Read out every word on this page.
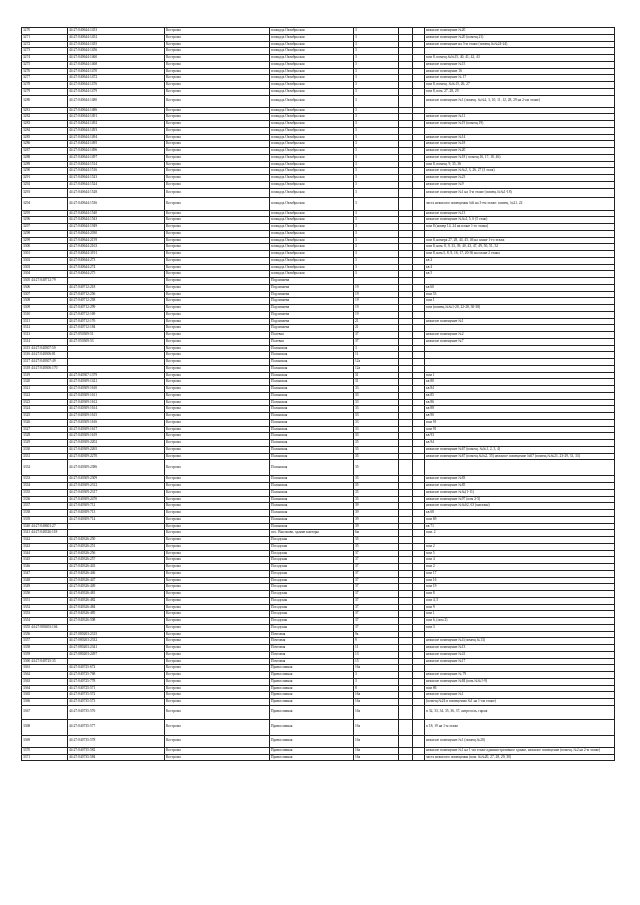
3270	44:27:040644:1453	Кострома	площадь Октябрьская	3			нежилое помещение №20
3271	44:27:040644:1452	Кострома	площадь Октябрьская	3			нежилое помещение №20 (помещ.21)
3272	44:27:040644:1455	Кострома	площадь Октябрьская	3			нежилое помещение на 3-м этаже (помещ.№№24-24)
3273	44:27:040644:1456	Кострома	площадь Октябрьская	3			
3274	44:27:040644:1460	Кострома	площадь Октябрьская	3			пом 8, помещ.№№15, 40, 41, 42, 43
3275	44:27:040644:1468	Кострома	площадь Октябрьская	3			нежилое помещение №15
3276	44:27:040644:1470	Кострома	площадь Октябрьская	3			нежилое помещение 16
3277	44:27:040644:1472	Кострома	площадь Октябрьская	3			нежилое помещение № 17
3278	44:27:040644:1476	Кострома	площадь Октябрьская	3			пом 8, помещ. №№15, 26, 27
3279	44:27:040644:1479	Кострома	площадь Октябрьская	3			пом 8, пом. 27, 28, 29
3280	44:27:040644:1480	Кострома	площадь Октябрьская	3			нежилое помещение №1 (помещ. №№2, 3, 10, 11, 12, 28, 29 на 2-ом этаже)
3281	44:27:040644:1486	Кострома	площадь Октябрьская	3			
3282	44:27:040644:1491	Кострома	площадь Октябрьская	3			нежилое помещение №11
3283	44:27:040644:1492	Кострома	площадь Октябрьская	3			нежилое помещение №19 (помещ.19)
3284	44:27:040644:1493	Кострома	площадь Октябрьская	3			
3285	44:27:040644:1494	Кострома	площадь Октябрьская	3			нежилое помещение №14
3286	44:27:040644:1495	Кострома	площадь Октябрьская	3			нежилое помещение №18
3287	44:27:040644:1496	Кострома	площадь Октябрьская	3			нежилое помещение №20
3288	44:27:040644:1497	Кострома	площадь Октябрьская	3			нежилое помещение №18 ( помещ.16, 17, 18, 46)
3289	44:27:040644:1514	Кострома	площадь Октябрьская	3			пом 8, помещ. 9, 35, 36
3290	44:27:040644:1516	Кострома	площадь Октябрьская	3			нежилое помещение №№2, 3, 26, 27 (3 этаж)
3291	44:27:040644:1523	Кострома	площадь Октябрьская	3			нежилое помещение №23
3292	44:27:040644:1524	Кострома	площадь Октябрьская	3			нежилое помещение №9
3293	44:27:040644:1528	Кострома	площадь Октябрьская	3			нежилое помещение №1 на 3-м этаже (помещ.№№1-18)
3294	44:27:040644:1536	Кострома	площадь Октябрьская	3			часть нежилого помещения №6 на 3-ем этаже: помещ. №21, 22
3295	44:27:040644:1540	Кострома	площадь Октябрьская	3			нежилое помещение №13
3296	44:27:040644:1543	Кострома	площадь Октябрьская	3			нежилое помещение №№4, 5, 6 (5 этаж)
3297	44:27:040644:1949	Кострома	площадь Октябрьская	3			пом 8 (номер 14, 24 на плане 1-го этажа)
3298	44:27:040644:2030	Кострома	площадь Октябрьская	3			
3299	44:27:040644:2159	Кострома	площадь Октябрьская	3			пом 8, номера 27, 28, 44, 45, 46 на плане 1-го этажа
3300	44:27:040644:2163	Кострома	площадь Октябрьская	3			пом 8, ном. 8, 9, 33, 39, 40, 43, 47, 49, 50, 51, 52
3301	44:27:040644:3191	Кострома	площадь Октябрьская	3			пом 8, ном.5, 8, 9, 16, 17, 20-36 на плане 2 этажа
3302	44:27:040644:273	Кострома	площадь Октябрьская	3			кв 2
3303	44:27:040644:274	Кострома	площадь Октябрьская	3			кв 4
3304	44:27:040644:275	Кострома	площадь Октябрьская	3			кв 5
3305 44:27:040712:79		Кострома	Подлипаева				
3306	44:27:040712:218	Кострома	Подлипаева	19			кв 60
3307	44:27:040712:256	Кострома	Подлипаева	19			пом 53
3308	44:27:040712:258	Кострома	Подлипаева	19			пом 1
3309	44:27:040712:299	Кострома	Подлипаева	19			пом (помещ.№№1-20, 22-28, 30-38)
3310	44:27:040712:169	Кострома	Подлипаева	19			
3311	44:27:040712:176	Кострома	Подлипаева	21			нежилое помещение №1
3312	44:27:040712:184	Кострома	Подлипаева	21			
3313	44:27:050309:51	Кострома	Полевая	37			нежилое помещение №2
3314	44:27:050309:53	Кострома	Полевая	37			нежилое помещение №7
3315 44:27:040307:50		Кострома	Полянская	3			
3316 44:27:040306:81		Кострома	Полянская	11			
3317 44:27:040307:49		Кострома	Полянская	12а			
3318 44:27:040306:170		Кострома	Полянская	12а			
3319	44:27:040307:1379	Кострома	Полянская	31			пом 1
3320	44:27:040309:1421	Кострома	Полянская	31			кв 80
3321	44:27:040309:1610	Кострома	Полянская	33			кв 84
3322	44:27:040309:1611	Кострома	Полянская	33			кв 85
3323	44:27:040309:1612	Кострома	Полянская	33			кв 86
3324	44:27:040309:1614	Кострома	Полянская	33			кв 88
3325	44:27:040309:1615	Кострома	Полянская	33			кв 90
3326	44:27:040309:1616	Кострома	Полянская	33			пом 91
3327	44:27:040309:1617	Кострома	Полянская	33			пом 91
3328	44:27:040309:1619	Кострома	Полянская	33			кв 93
3329	44:27:040309:2202	Кострома	Полянская	35			кв 94
3330	44:27:040309:2265	Кострома	Полянская	35			нежилое помещение №67 (помещ. №№1, 2, 3, 4)
3331	44:27:040309:2270	Кострома	Полянская	35			нежилое помещение №67 (помещ.№№2, 35) нежилое помещение №67 (помещ.№№21, 23-29, 31, 33)
3332	44:27:040309:2386	Кострома	Полянская	35			
3333	44:27:040309:2309	Кострома	Полянская	35			нежилое помещение №83
3334	44:27:040309:2312	Кострома	Полянская	35			нежилое помещение №85
3335	44:27:040309:2317	Кострома	Полянская	35			нежилое помещение №№(1-11)
3336	44:27:040309:2470	Кострома	Полянская	35			нежилое помещение №97 (пом 2-5)
3337	44:27:040309:712	Кострома	Полянская	39			нежилое помещение №№62, 63 (магазин)
3338	44:27:040309:713	Кострома	Полянская	39			кв 68
3339	44:27:040309:714	Кострома	Полянская	39			пом 69
3340 44:27:040601:27		Кострома	Полянская	39			кв 71
3341 44:27:040326:118		Кострома	пос. Высоково, здание конторы	6м			пом. 2
3342	44:27:040326:250	Кострома	Посадская	35			
3343	44:27:040326:251	Кострома	Посадская	35			пом 2
3344	44:27:040326:256	Кострома	Посадская	37			пом 5
3345	44:27:040326:257	Кострома	Посадская	37			пом 4
3346	44:27:040326:443	Кострома	Посадская	37			пом 2
3347	44:27:040326:446	Кострома	Посадская	37			пом 17
3348	44:27:040326:447	Кострома	Посадская	37			пом 16
3349	44:27:040326:449	Кострома	Посадская	37			пом 19
3350	44:27:040326:481	Кострома	Посадская	37			пом 8
3351	44:27:040326:482	Кострома	Посадская	37			пом 4, 5
3352	44:27:040326:484	Кострома	Посадская	37			пом 9
3353	44:27:040326:485	Кострома	Посадская	37			пом 1
3354	44:27:040326:508	Кострома	Посадская	37			пом 6, (пом 2)
3355 44:27:080203:104		Кострома	Посадская	37			пом 3
3356	44:27:080203:2315	Кострома	Почтовая	9а			
3357	44:27:080203:2332	Кострома	Почтовая	9			нежилое помещение №4 (помещ.№13)
3358	44:27:080203:2341	Кострома	Почтовая	11			нежилое помещение №13
3359	44:27:080203:2497	Кострома	Почтовая	13			нежилое помещение №41
3360 44:27:040725:35		Кострома	Почтовая	15			нежилое помещение №17
3361	44:27:040725:672	Кострома	Православная	16а			
3362	44:27:040725:768	Кострома	Православная	3			нежилое помещение № 79
3363	44:27:040725:778	Кострома	Православная	3			нежилое помещение №84 (пом.№№1-9)
3364	44:27:040725:571	Кострома	Православная	8			пом 86
3365	44:27:040735:572	Кострома	Православная	16а			нежилое помещение №1
3366	44:27:040735:573	Кострома	Православная	16а			(помещ.№24 в помещении №1 на 1-ом этаже)
3367	44:27:040735:576	Кострома	Православная	16а			п 32, 33, 34, 35, 36, 37, антресоль, гараж
3368	44:27:040735:577	Кострома	Православная	16а			п 18, 19 на 1-м этаже
3369	44:27:040735:578	Кострома	Православная	16а			нежилое помещение №1 (помещ.№20)
3370	44:27:040735:582	Кострома	Православная	16а			нежилое помещение №1 на 1-ом этаже административное здание, нежилое помещение (помещ. №2 на 2-м этаже)
3371	44:27:040735:584	Кострома	Православная	16а			часть нежилого помещения (пом. №№20, 27, 28, 29, 30)
